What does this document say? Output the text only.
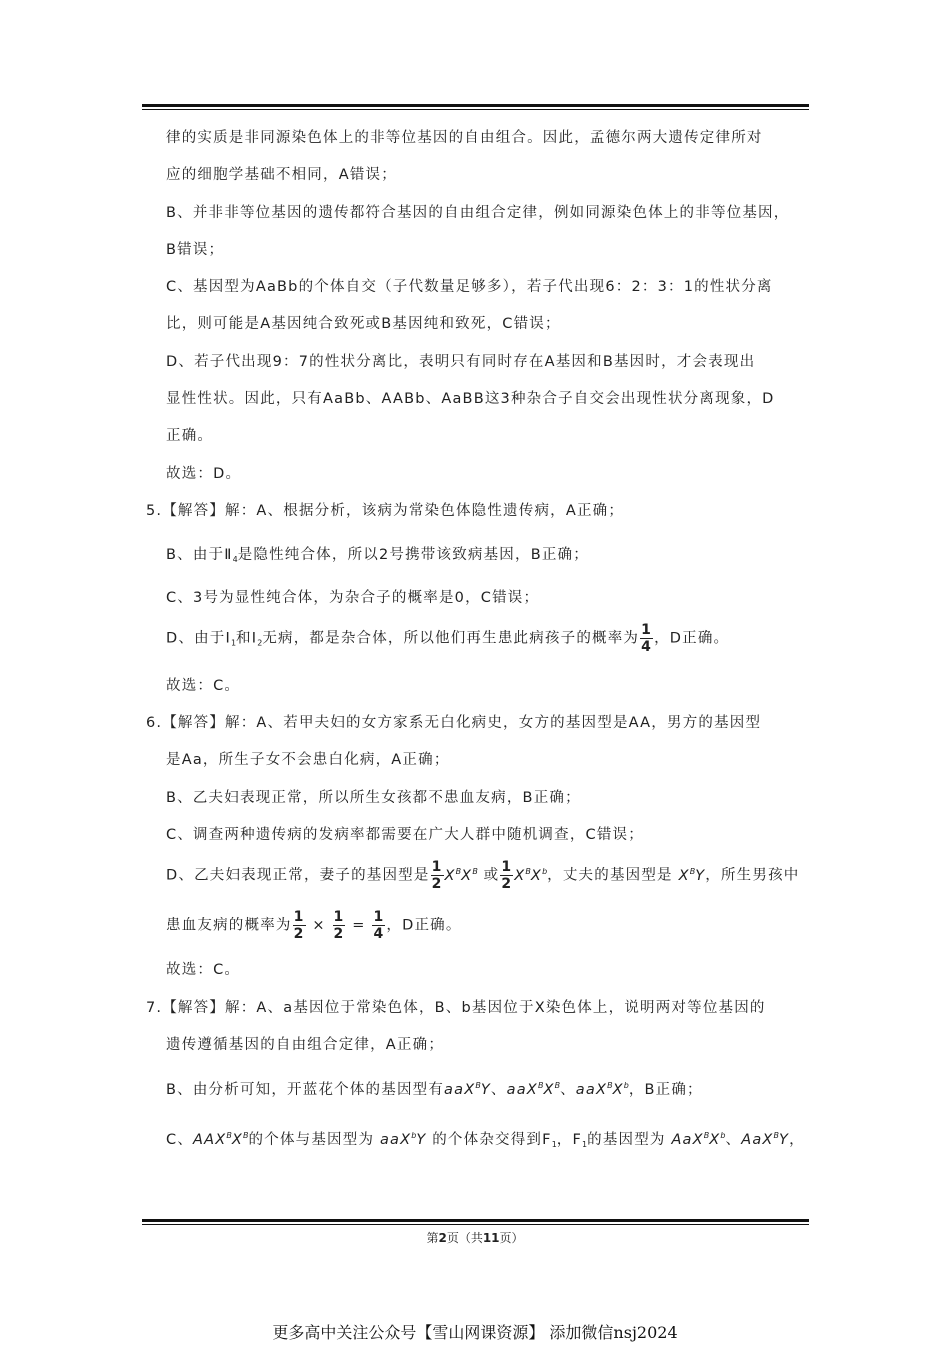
律的实质是非同源染色体上的非等位基因的自由组合。因此，孟德尔两大遗传定律所对
应的细胞学基础不相同，A错误；
B、并非非等位基因的遗传都符合基因的自由组合定律，例如同源染色体上的非等位基因，
B错误；
C、基因型为AaBb的个体自交（子代数量足够多），若子代出现6：2：3：1的性状分离
比，则可能是A基因纯合致死或B基因纯和致死，C错误；
D、若子代出现9：7的性状分离比，表明只有同时存在A基因和B基因时，才会表现出
显性性状。因此，只有AaBb、AABb、AaBB这3种杂合子自交会出现性状分离现象，D
正确。
故选：D。
5.【解答】解：A、根据分析，该病为常染色体隐性遗传病，A正确；
B、由于$Ⅱ_4$是隐性纯合体，所以2号携带该致病基因，B正确；
C、3号为显性纯合体，为杂合子的概率是0，C错误；
D、由于$Ⅰ_1$和$Ⅰ_2$无病，都是杂合体，所以他们再生患此病孩子的概率为 $\frac{1}{4}$ ，D正确。
故选：C。
6.【解答】解：A、若甲夫妇的女方家系无白化病史，女方的基因型是AA，男方的基因型
是Aa，所生子女不会患白化病，A正确；
B、乙夫妇表现正常，所以所生女孩都不患血友病，B正确；
C、调查两种遗传病的发病率都需要在广大人群中随机调查，C错误；
D、乙夫妇表现正常，妻子的基因型是 $\frac{1}{2} X^BX^B$ 或 $\frac{1}{2} X^BX^b$，丈夫的基因型是 $X^BY$，所生男孩中
患血友病的概率为 $\frac{1}{2} \times \frac{1}{2} = \frac{1}{4}$ ，D正确。
故选：C。
7.【解答】解：A、a基因位于常染色体，B、b基因位于X染色体上，说明两对等位基因的
遗传遵循基因的自由组合定律，A正确；
B、由分析可知，开蓝花个体的基因型有aaX$^B$Y、$aaX^BX^B$、$aaX^BX^b$，B正确；
C、$AAX^BX^B$的个体与基因型为 aaX$^b$Y 的个体杂交得到$F_1$，$F_1$的基因型为 $AaX^BX^b$、AaX$^B$Y，
第2页（共11页）
更多高中关注公众号【雪山网课资源】 添加微信nsj2024
